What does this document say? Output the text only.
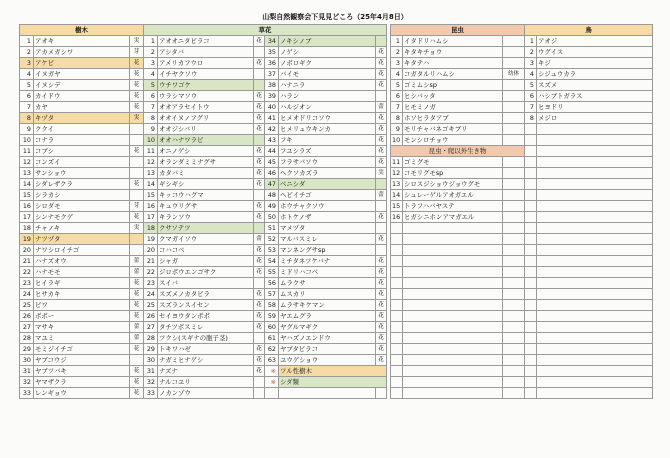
山梨自然観察会下見見どころ（25年4月8日）
樹木		
1	アオキ	実
2	アカメガシワ	芽
3	アケビ	花
4	イヌガヤ	花
5	イヌシデ	花
6	カイドウ	花
7	カヤ	花
8	キヅタ	実
9	ククイ	
10	コナラ	
11	コブシ	花
12	コンズイ	
13	サンショウ	
14	シダレザクラ	花
15	シラカシ	
16	シロダモ	芽
17	シンナモクゲ	花
18	チャノキ	実
19	ナツヅタ	
20	ナワシロイチゴ	
21	ハナズオウ	蕾
22	ハナモモ	蕾
23	ヒイラギ	花
24	ヒサカキ	花
25	ビワ	花
26	ボボー	花
27	マサキ	蕾
28	マユミ	蕾
29	モミジイチゴ	花
30	ヤブコウジ	
31	ヤブツバキ	花
32	ヤマザクラ	花
33	レンギョウ	花
草花					
1	アオオニタビラコ	花	34	ノキシノブ	
2	アシタバ		35	ノゲシ	花
3	アメリカフウロ	花	36	ノボロギク	花
4	イチヤクソウ		37	バイモ	花
5	ウチワゴケ		38	ハナニラ	花
6	ウラシマソウ	花	39	ハラン	
7	オオアラセイトウ	花	40	ハルジオン	蕾
8	オオイヌノフグリ	花	41	ヒメオドリコソウ	花
9	オオジシバリ	花	42	ヒメリュウキンカ	花
10	オオハナワラビ		43	フキ	花
11	オニノゲシ	花	44	フユシラズ	花
12	オランダミミナグサ	花	45	フラサバソウ	花
13	カタバミ	花	46	ヘクソカズラ	実
14	ギシギシ	花	47	ベニシダ	
15	キッコウハグマ		48	ヘビイチゴ	蕾
16	キュウリグサ	花	49	ホウチャクソウ	
17	キランソウ	花	50	ホトケノザ	花
18	クサソテツ		51	マメヅタ	
19	クマガイソウ	蕾	52	マルバスミレ	花
20	コハコベ	花	53	マンネングサsp	
21	シャガ	花	54	ミチタネツケバナ	花
22	ジロボウエンゴサク	花	55	ミドリハコベ	花
23	スイバ		56	ムラクサ	花
24	スズメノカタビラ	花	57	ムスカリ	花
25	スズランスイセン	花	58	ムラサキケマン	花
26	セイヨウタンポポ	花	59	ヤエムグラ	花
27	タチツボスミレ	花	60	ヤグルマギク	花
28	ツクシ(スギナの胞子茎)		61	ヤハズノエンドウ	花
29	トキワハゼ	花	62	ヤブタビラコ	花
30	ナガミヒナゲシ	花	63	ユウゲショウ	花
31	ナズナ	花	※	ツル性樹木	
32	ナルコユリ		※	シダ類	
33	ノカンゾウ				
昆虫		
1	イタドリハムシ	
2	キタキチョウ	
3	キタテハ	
4	コガタルリハムシ	幼体
5	ゴミムシsp	
6	ヒシバッタ	
7	ヒモミノガ	
8	ホソヒラタアブ	
9	モリチャバネゴキブリ	
10	モンシロチョウ	
昆虫・爬以外生き物		
11	ゴミグモ	
12	コモリグモsp	
13	シロスジショウジョウグモ	
14	シュレーゲルアオガエル	
15	トラフハバヤステ	
16	ヒガシニホンアマガエル	

鳥	
1	アオジ
2	ウグイス
3	キジ
4	シジュウカラ
5	スズメ
6	ハシブトガラス
7	ヒヨドリ
8	メジロ
